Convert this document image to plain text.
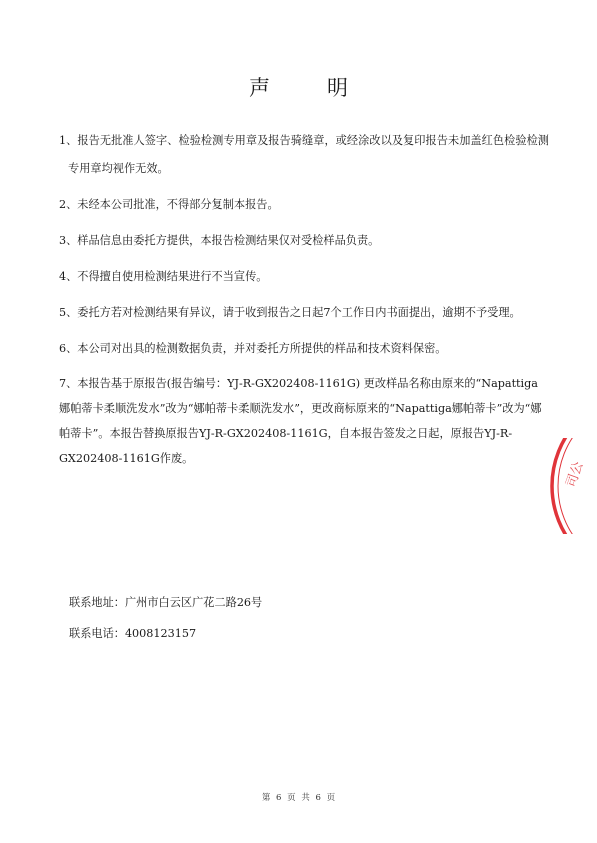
声　明

1、报告无批准人签字、检验检测专用章及报告骑缝章，或经涂改以及复印报告未加盖红色检验检测专用章均视作无效。

2、未经本公司批准，不得部分复制本报告。

3、样品信息由委托方提供，本报告检测结果仅对受检样品负责。

4、不得擅自使用检测结果进行不当宣传。

5、委托方若对检测结果有异议，请于收到报告之日起7个工作日内书面提出，逾期不予受理。

6、本公司对出具的检测数据负责，并对委托方所提供的样品和技术资料保密。

7、本报告基于原报告(报告编号：YJ-R-GX202408-1161G) 更改样品名称由原来的“Napattiga娜帕蒂卡柔顺洗发水”改为“娜帕蒂卡柔顺洗发水”，更改商标原来的“Napattiga娜帕蒂卡”改为“娜帕蒂卡”。本报告替换原报告YJ-R-GX202408-1161G，自本报告签发之日起，原报告YJ-R-GX202408-1161G作废。

联系地址：广州市白云区广花二路26号
联系电话：4008123157
司公
第 6 页 共 6 页
